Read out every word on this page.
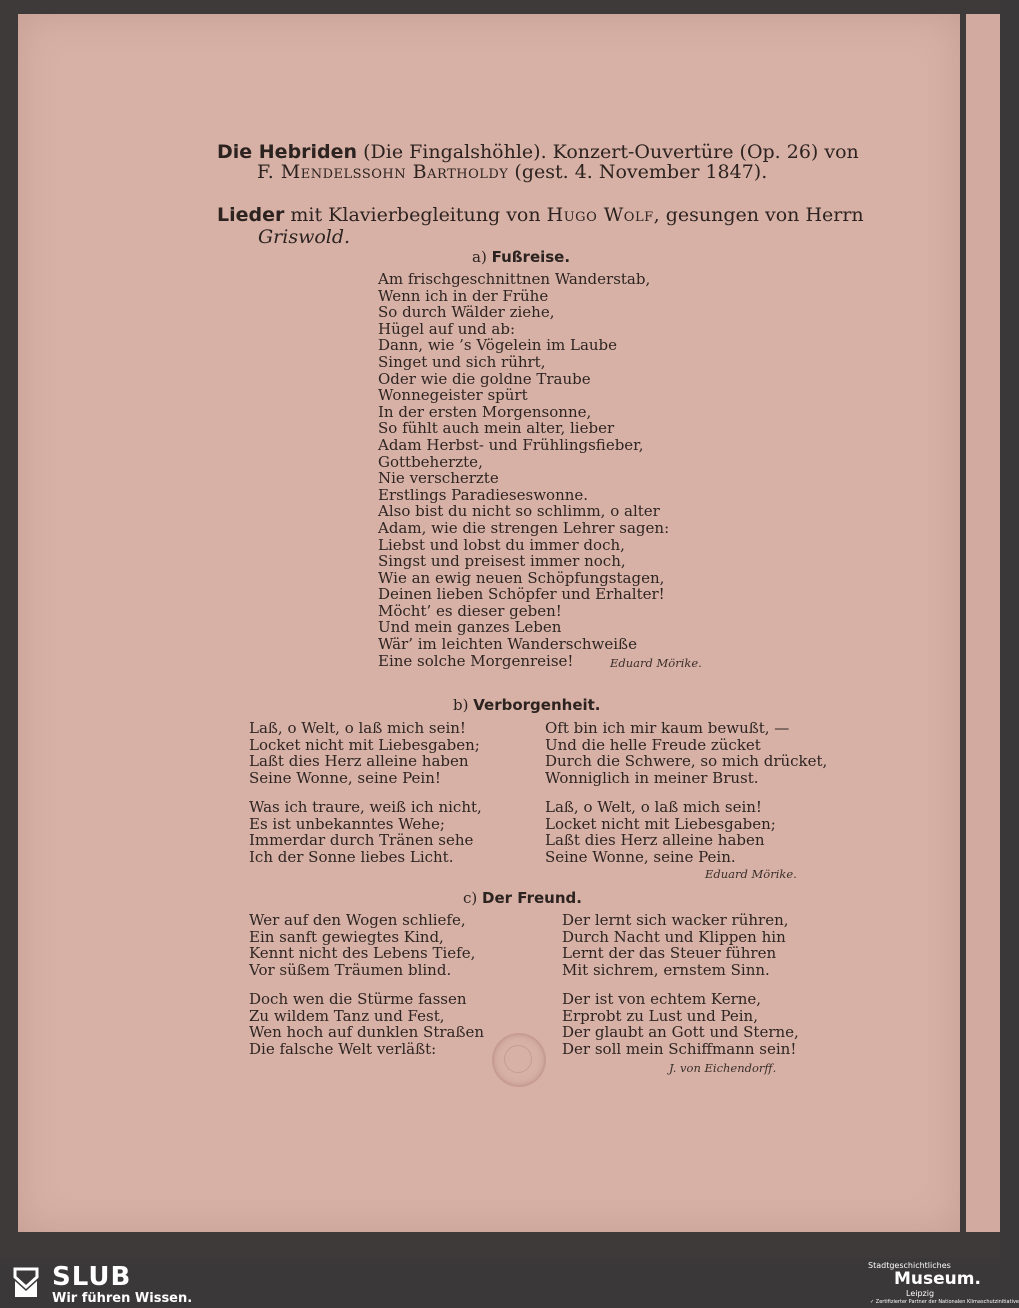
Die Hebriden (Die Fingalshöhle). Konzert-Ouvertüre (Op. 26) von
F. Mendelssohn Bartholdy (gest. 4. November 1847).
Lieder mit Klavierbegleitung von Hugo Wolf, gesungen von Herrn
Griswold.
a) Fußreise.
Am frischgeschnittnen Wanderstab,
Wenn ich in der Frühe
So durch Wälder ziehe,
Hügel auf und ab:
Dann, wie ’s Vögelein im Laube
Singet und sich rührt,
Oder wie die goldne Traube
Wonnegeister spürt
In der ersten Morgensonne,
So fühlt auch mein alter, lieber
Adam Herbst- und Frühlingsfieber,
Gottbeherzte,
Nie verscherzte
Erstlings Paradieseswonne.
Also bist du nicht so schlimm, o alter
Adam, wie die strengen Lehrer sagen:
Liebst und lobst du immer doch,
Singst und preisest immer noch,
Wie an ewig neuen Schöpfungstagen,
Deinen lieben Schöpfer und Erhalter!
Möcht’ es dieser geben!
Und mein ganzes Leben
Wär’ im leichten Wanderschweiße
Eine solche Morgenreise!	Eduard Mörike.
b) Verborgenheit.
Laß, o Welt, o laß mich sein!
Locket nicht mit Liebesgaben;
Laßt dies Herz alleine haben
Seine Wonne, seine Pein!
Was ich traure, weiß ich nicht,
Es ist unbekanntes Wehe;
Immerdar durch Tränen sehe
Ich der Sonne liebes Licht.
Oft bin ich mir kaum bewußt, —
Und die helle Freude zücket
Durch die Schwere, so mich drücket,
Wonniglich in meiner Brust.
Laß, o Welt, o laß mich sein!
Locket nicht mit Liebesgaben;
Laßt dies Herz alleine haben
Seine Wonne, seine Pein.
Eduard Mörike.
c) Der Freund.
Wer auf den Wogen schliefe,
Ein sanft gewiegtes Kind,
Kennt nicht des Lebens Tiefe,
Vor süßem Träumen blind.
Doch wen die Stürme fassen
Zu wildem Tanz und Fest,
Wen hoch auf dunklen Straßen
Die falsche Welt verläßt:
Der lernt sich wacker rühren,
Durch Nacht und Klippen hin
Lernt der das Steuer führen
Mit sichrem, ernstem Sinn.
Der ist von echtem Kerne,
Erprobt zu Lust und Pein,
Der glaubt an Gott und Sterne,
Der soll mein Schiffmann sein!
J. von Eichendorff.
SLUB
Wir führen Wissen.
Stadtgeschichtliches
Museum.
Leipzig
✓ Zertifizierter Partner der Nationalen Klimaschutzinitiative
